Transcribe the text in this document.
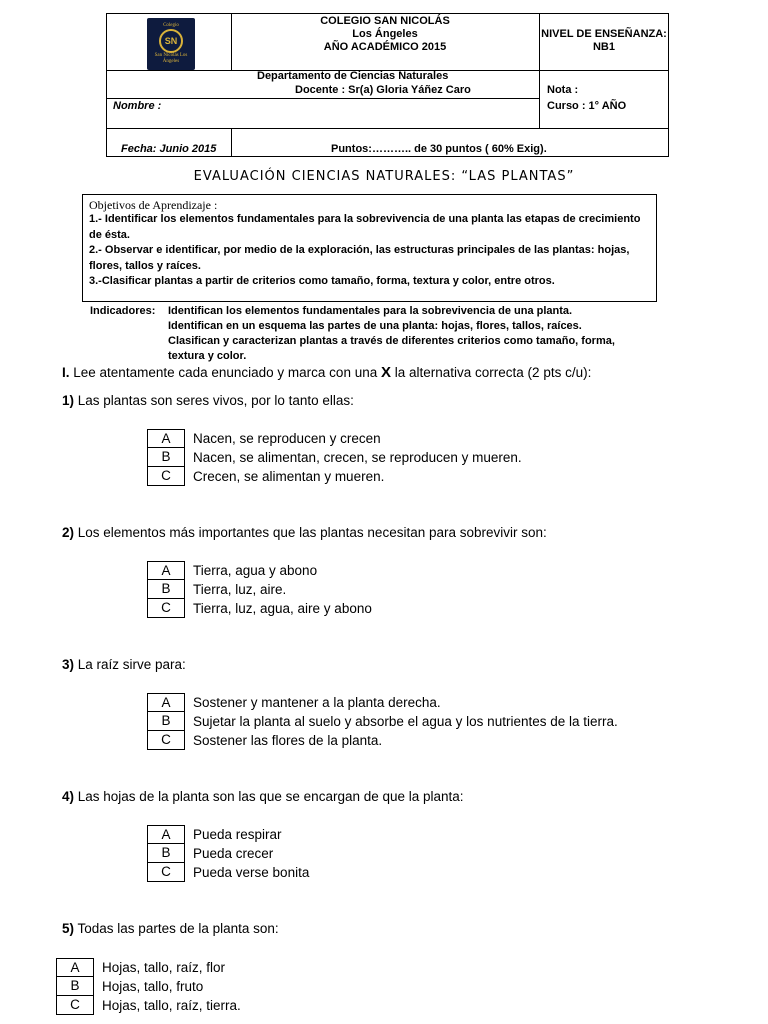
Colegio
SN
San Nicolás Los Ángeles
COLEGIO SAN NICOLÁS
Los Ángeles
AÑO ACADÉMICO 2015
NIVEL DE ENSEÑANZA:
NB1
Departamento de Ciencias Naturales
Docente : Sr(a) Gloria Yáñez Caro	Nota :
Nombre :	Curso : 1° AÑO
Fecha: Junio 2015	Puntos:……….. de 30 puntos ( 60% Exig).
EVALUACIÓN CIENCIAS NATURALES: “LAS PLANTAS”
Objetivos de Aprendizaje :
1.- Identificar los elementos fundamentales para la sobrevivencia de una planta las etapas de crecimiento de ésta.
2.- Observar e identificar, por medio de la exploración, las estructuras principales de las plantas: hojas, flores, tallos y raíces.
3.-Clasificar plantas a partir de criterios como tamaño, forma, textura y color, entre otros.
Indicadores:	Identifican los elementos fundamentales para la sobrevivencia de una planta.
Identifican en un esquema las partes de una planta: hojas, flores, tallos, raíces.
Clasifican y caracterizan plantas a través de diferentes criterios como tamaño, forma,
textura y color.
I. Lee atentamente cada enunciado y marca con una X la alternativa correcta (2 pts c/u):
1) Las plantas son seres vivos, por lo tanto ellas:
A	Nacen, se reproducen y crecen
B	Nacen, se alimentan, crecen, se reproducen y mueren.
C	Crecen, se alimentan y mueren.
2) Los elementos más importantes que las plantas necesitan para sobrevivir son:
A	Tierra, agua y abono
B	Tierra, luz, aire.
C	Tierra, luz, agua, aire y abono
3) La raíz sirve para:
A	Sostener y mantener a la planta derecha.
B	Sujetar la planta al suelo y absorbe el agua y los nutrientes de la tierra.
C	Sostener las flores de la planta.
4) Las hojas de la planta son las que se encargan de que la planta:
A	Pueda respirar
B	Pueda crecer
C	Pueda verse bonita
5) Todas las partes de la planta son:
A	Hojas, tallo, raíz, flor
B	Hojas, tallo, fruto
C	Hojas, tallo, raíz, tierra.
